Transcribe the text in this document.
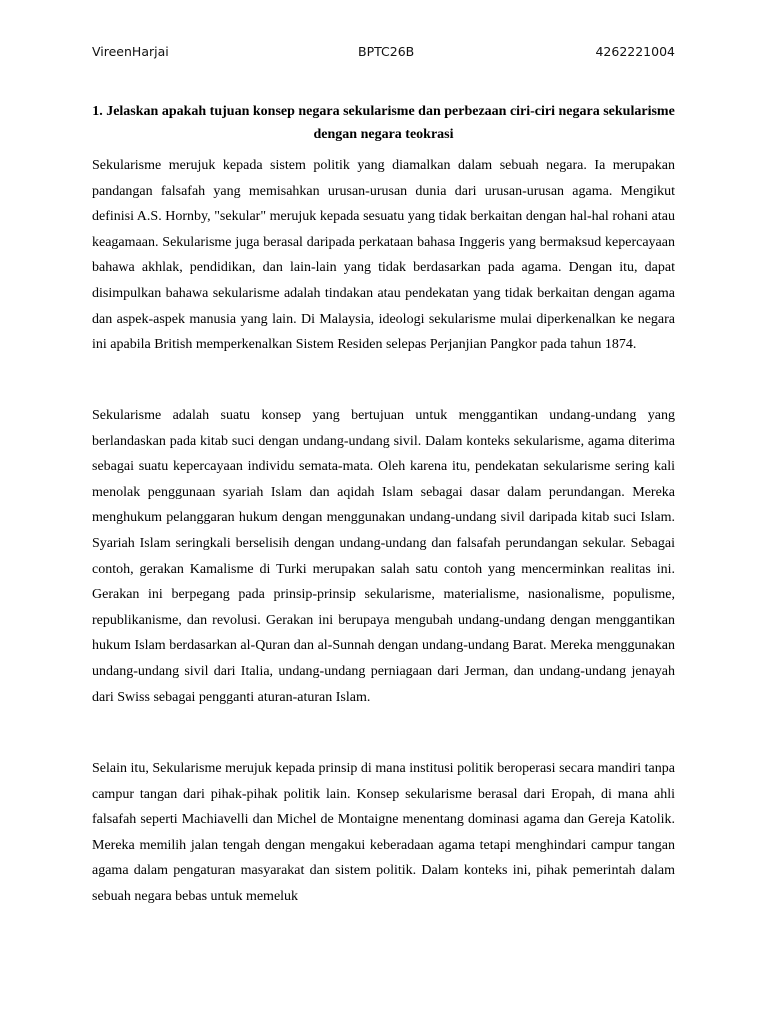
VireenHarjai	BPTC26B	4262221004

1. Jelaskan apakah tujuan konsep negara sekularisme dan perbezaan ciri-ciri negara sekularisme dengan negara teokrasi

Sekularisme merujuk kepada sistem politik yang diamalkan dalam sebuah negara. Ia merupakan pandangan falsafah yang memisahkan urusan-urusan dunia dari urusan-urusan agama. Mengikut definisi A.S. Hornby, "sekular" merujuk kepada sesuatu yang tidak berkaitan dengan hal-hal rohani atau keagamaan. Sekularisme juga berasal daripada perkataan bahasa Inggeris yang bermaksud kepercayaan bahawa akhlak, pendidikan, dan lain-lain yang tidak berdasarkan pada agama. Dengan itu, dapat disimpulkan bahawa sekularisme adalah tindakan atau pendekatan yang tidak berkaitan dengan agama dan aspek-aspek manusia yang lain. Di Malaysia, ideologi sekularisme mulai diperkenalkan ke negara ini apabila British memperkenalkan Sistem Residen selepas Perjanjian Pangkor pada tahun 1874.

Sekularisme adalah suatu konsep yang bertujuan untuk menggantikan undang-undang yang berlandaskan pada kitab suci dengan undang-undang sivil. Dalam konteks sekularisme, agama diterima sebagai suatu kepercayaan individu semata-mata. Oleh karena itu, pendekatan sekularisme sering kali menolak penggunaan syariah Islam dan aqidah Islam sebagai dasar dalam perundangan. Mereka menghukum pelanggaran hukum dengan menggunakan undang-undang sivil daripada kitab suci Islam. Syariah Islam seringkali berselisih dengan undang-undang dan falsafah perundangan sekular. Sebagai contoh, gerakan Kamalisme di Turki merupakan salah satu contoh yang mencerminkan realitas ini. Gerakan ini berpegang pada prinsip-prinsip sekularisme, materialisme, nasionalisme, populisme, republikanisme, dan revolusi. Gerakan ini berupaya mengubah undang-undang dengan menggantikan hukum Islam berdasarkan al-Quran dan al-Sunnah dengan undang-undang Barat. Mereka menggunakan undang-undang sivil dari Italia, undang-undang perniagaan dari Jerman, dan undang-undang jenayah dari Swiss sebagai pengganti aturan-aturan Islam.

Selain itu, Sekularisme merujuk kepada prinsip di mana institusi politik beroperasi secara mandiri tanpa campur tangan dari pihak-pihak politik lain. Konsep sekularisme berasal dari Eropah, di mana ahli falsafah seperti Machiavelli dan Michel de Montaigne menentang dominasi agama dan Gereja Katolik. Mereka memilih jalan tengah dengan mengakui keberadaan agama tetapi menghindari campur tangan agama dalam pengaturan masyarakat dan sistem politik. Dalam konteks ini, pihak pemerintah dalam sebuah negara bebas untuk memeluk
